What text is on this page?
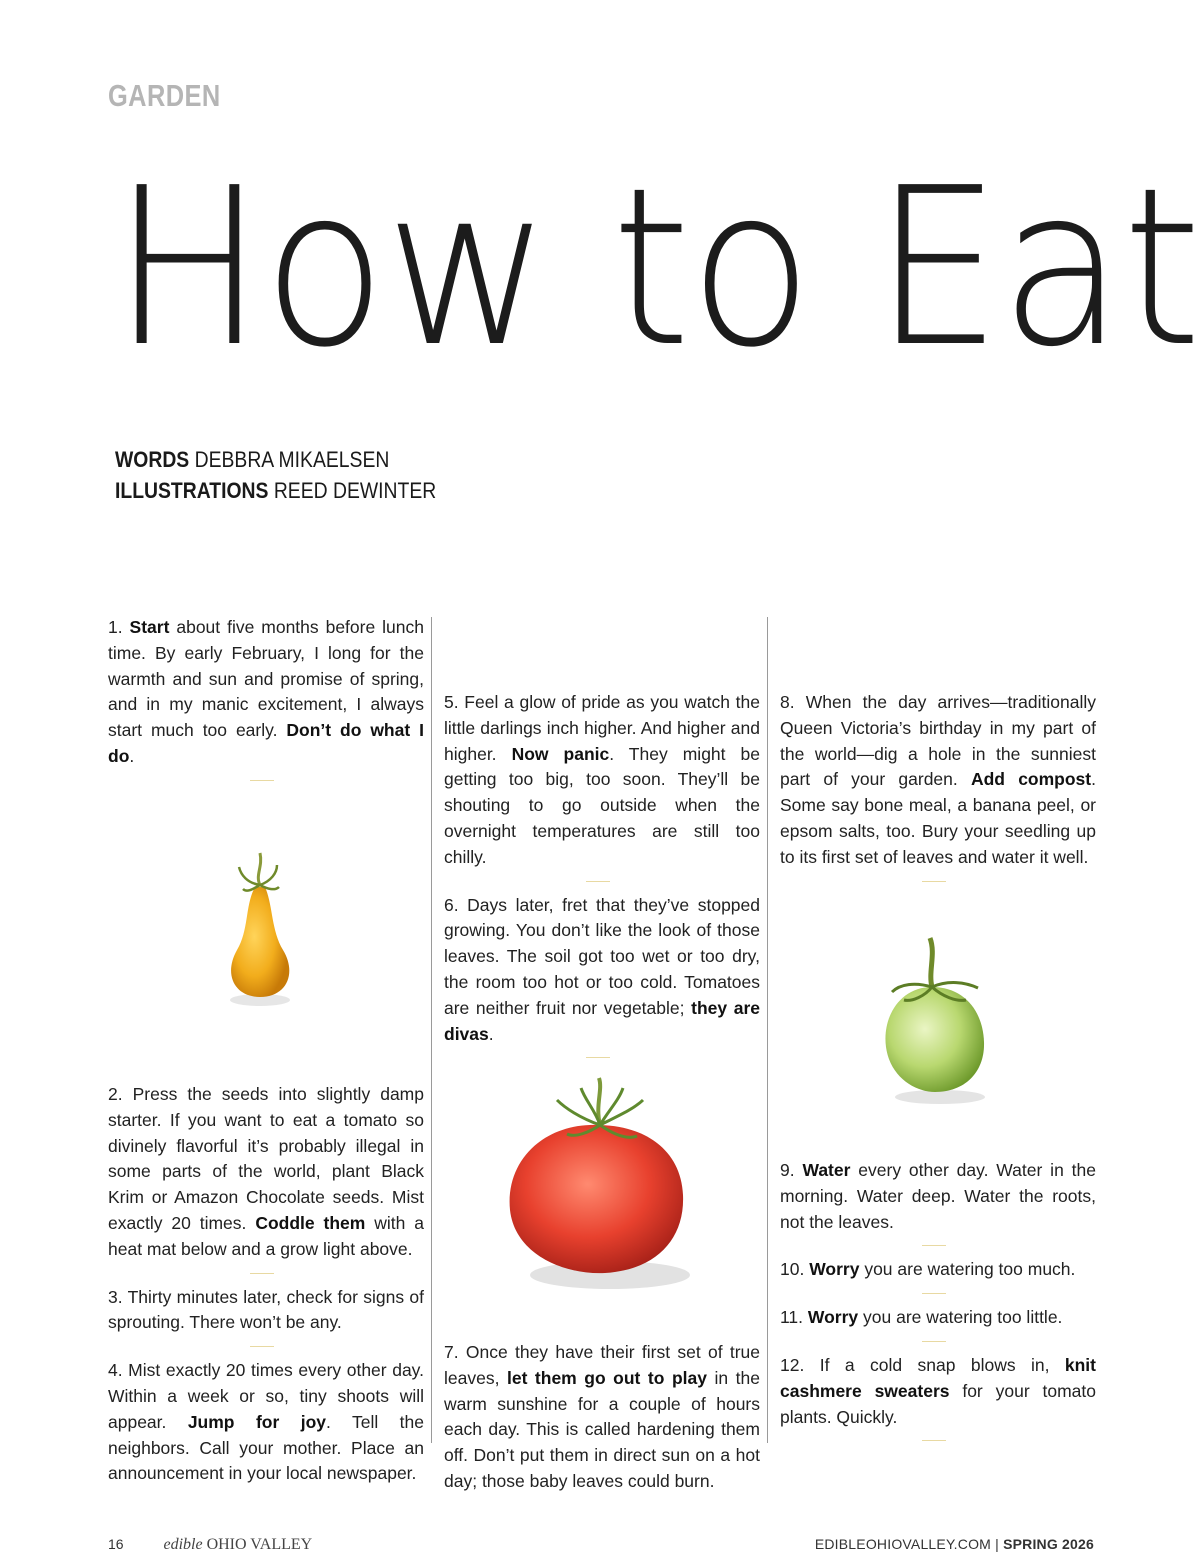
GARDEN
How to Eat
WORDS DEBBRA MIKAELSEN
ILLUSTRATIONS REED DEWINTER

1. Start about five months before lunch time. By early February, I long for the warmth and sun and promise of spring, and in my manic excitement, I always start much too early. Don’t do what I do.

2. Press the seeds into slightly damp starter. If you want to eat a tomato so divinely flavorful it’s probably illegal in some parts of the world, plant Black Krim or Amazon Chocolate seeds. Mist exactly 20 times. Coddle them with a heat mat below and a grow light above.

3. Thirty minutes later, check for signs of sprouting. There won’t be any.

4. Mist exactly 20 times every other day. Within a week or so, tiny shoots will appear. Jump for joy. Tell the neighbors. Call your mother. Place an announcement in your local newspaper.

5. Feel a glow of pride as you watch the little darlings inch higher. And higher and higher. Now panic. They might be getting too big, too soon. They’ll be shouting to go outside when the overnight temperatures are still too chilly.

6. Days later, fret that they’ve stopped growing. You don’t like the look of those leaves. The soil got too wet or too dry, the room too hot or too cold. Tomatoes are neither fruit nor vegetable; they are divas.

7. Once they have their first set of true leaves, let them go out to play in the warm sunshine for a couple of hours each day. This is called hardening them off. Don’t put them in direct sun on a hot day; those baby leaves could burn.

8. When the day arrives—traditionally Queen Victoria’s birthday in my part of the world—dig a hole in the sunniest part of your garden. Add compost. Some say bone meal, a banana peel, or epsom salts, too. Bury your seedling up to its first set of leaves and water it well.

9. Water every other day. Water in the morning. Water deep. Water the roots, not the leaves.

10. Worry you are watering too much.

11. Worry you are watering too little.

12. If a cold snap blows in, knit cashmere sweaters for your tomato plants. Quickly.

16 edible OHIO VALLEY	EDIBLEOHIOVALLEY.COM | SPRING 2026
